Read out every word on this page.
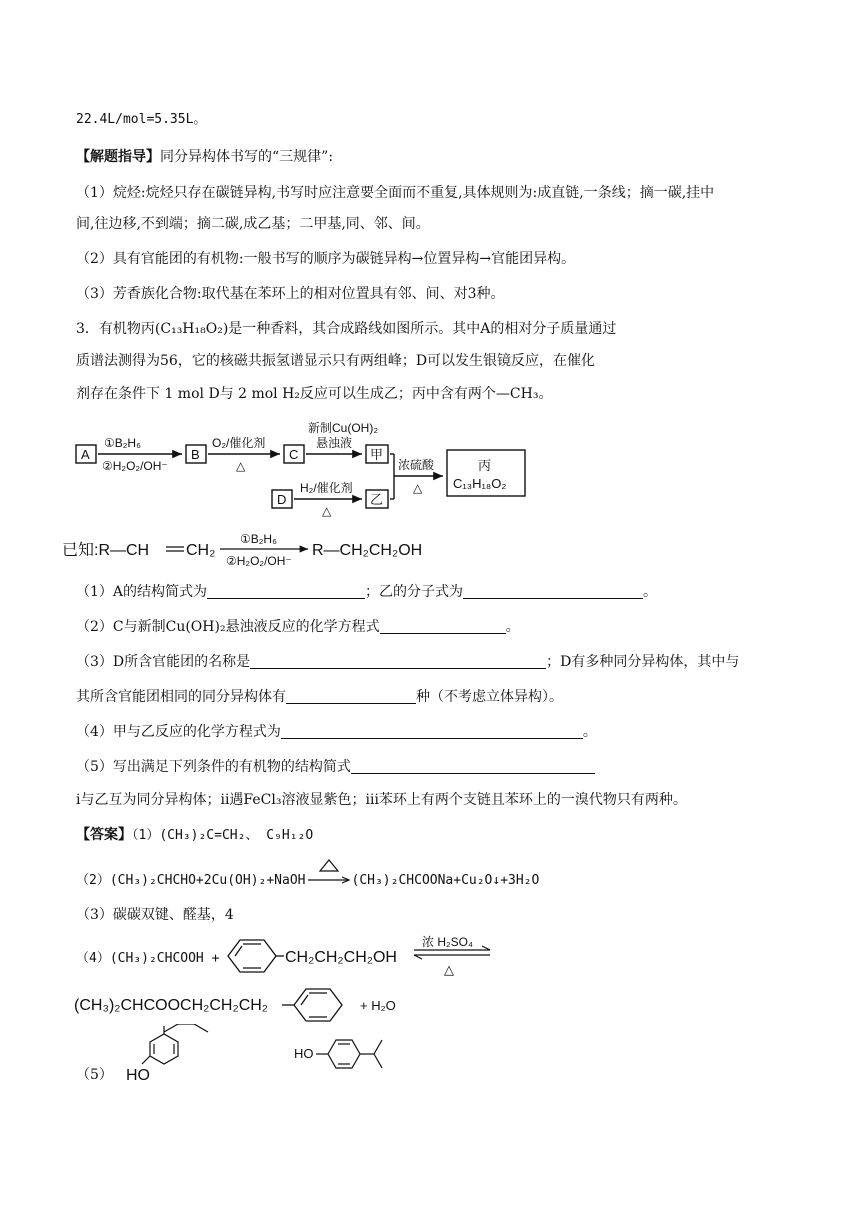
22.4L/mol=5.35L。
【解题指导】同分异构体书写的“三规律”:
（1）烷烃:烷烃只存在碳链异构,书写时应注意要全面而不重复,具体规则为:成直链,一条线；摘一碳,挂中
间,往边移,不到端；摘二碳,成乙基；二甲基,同、邻、间。
（2）具有官能团的有机物:一般书写的顺序为碳链异构→位置异构→官能团异构。
（3）芳香族化合物:取代基在苯环上的相对位置具有邻、间、对3种。
3．有机物丙(C₁₃H₁₈O₂)是一种香料，其合成路线如图所示。其中A的相对分子质量通过
质谱法测得为56，它的核磁共振氢谱显示只有两组峰；D可以发生银镜反应，在催化
剂存在条件下 1 mol D与 2 mol H₂反应可以生成乙；丙中含有两个—CH₃。
A	B	C	甲
D	乙
丙
C₁₃H₁₈O₂
①B₂H₆
②H₂O₂/OH⁻
O₂/催化剂
△
新制Cu(OH)₂
悬浊液
浓硫酸
△
H₂/催化剂
△
已知:R—CH CH₂
①B₂H₆
②H₂O₂/OH⁻
R—CH₂CH₂OH
（1）A的结构简式为	；乙的分子式为	。
（2）C与新制Cu(OH)₂悬浊液反应的化学方程式	。
（3）D所含官能团的名称是	；D有多种同分异构体，其中与
其所含官能团相同的同分异构体有	种（不考虑立体异构）。
（4）甲与乙反应的化学方程式为	。
（5）写出满足下列条件的有机物的结构简式
ⅰ与乙互为同分异构体；ⅱ遇FeCl₃溶液显紫色；ⅲ苯环上有两个支链且苯环上的一溴代物只有两种。
【答案】（1）(CH₃)₂C=CH₂、 C₉H₁₂O
（2）(CH₃)₂CHCHO+2Cu(OH)₂+NaOH	(CH₃)₂CHCOONa+Cu₂O↓+3H₂O
（3）碳碳双键、醛基，4
（4）(CH₃)₂CHCOOH +	CH₂CH₂CH₂OH
浓 H₂SO₄
△
(CH₃)₂CHCOOCH₂CH₂CH₂	+ H₂O
（5） HO
HO
